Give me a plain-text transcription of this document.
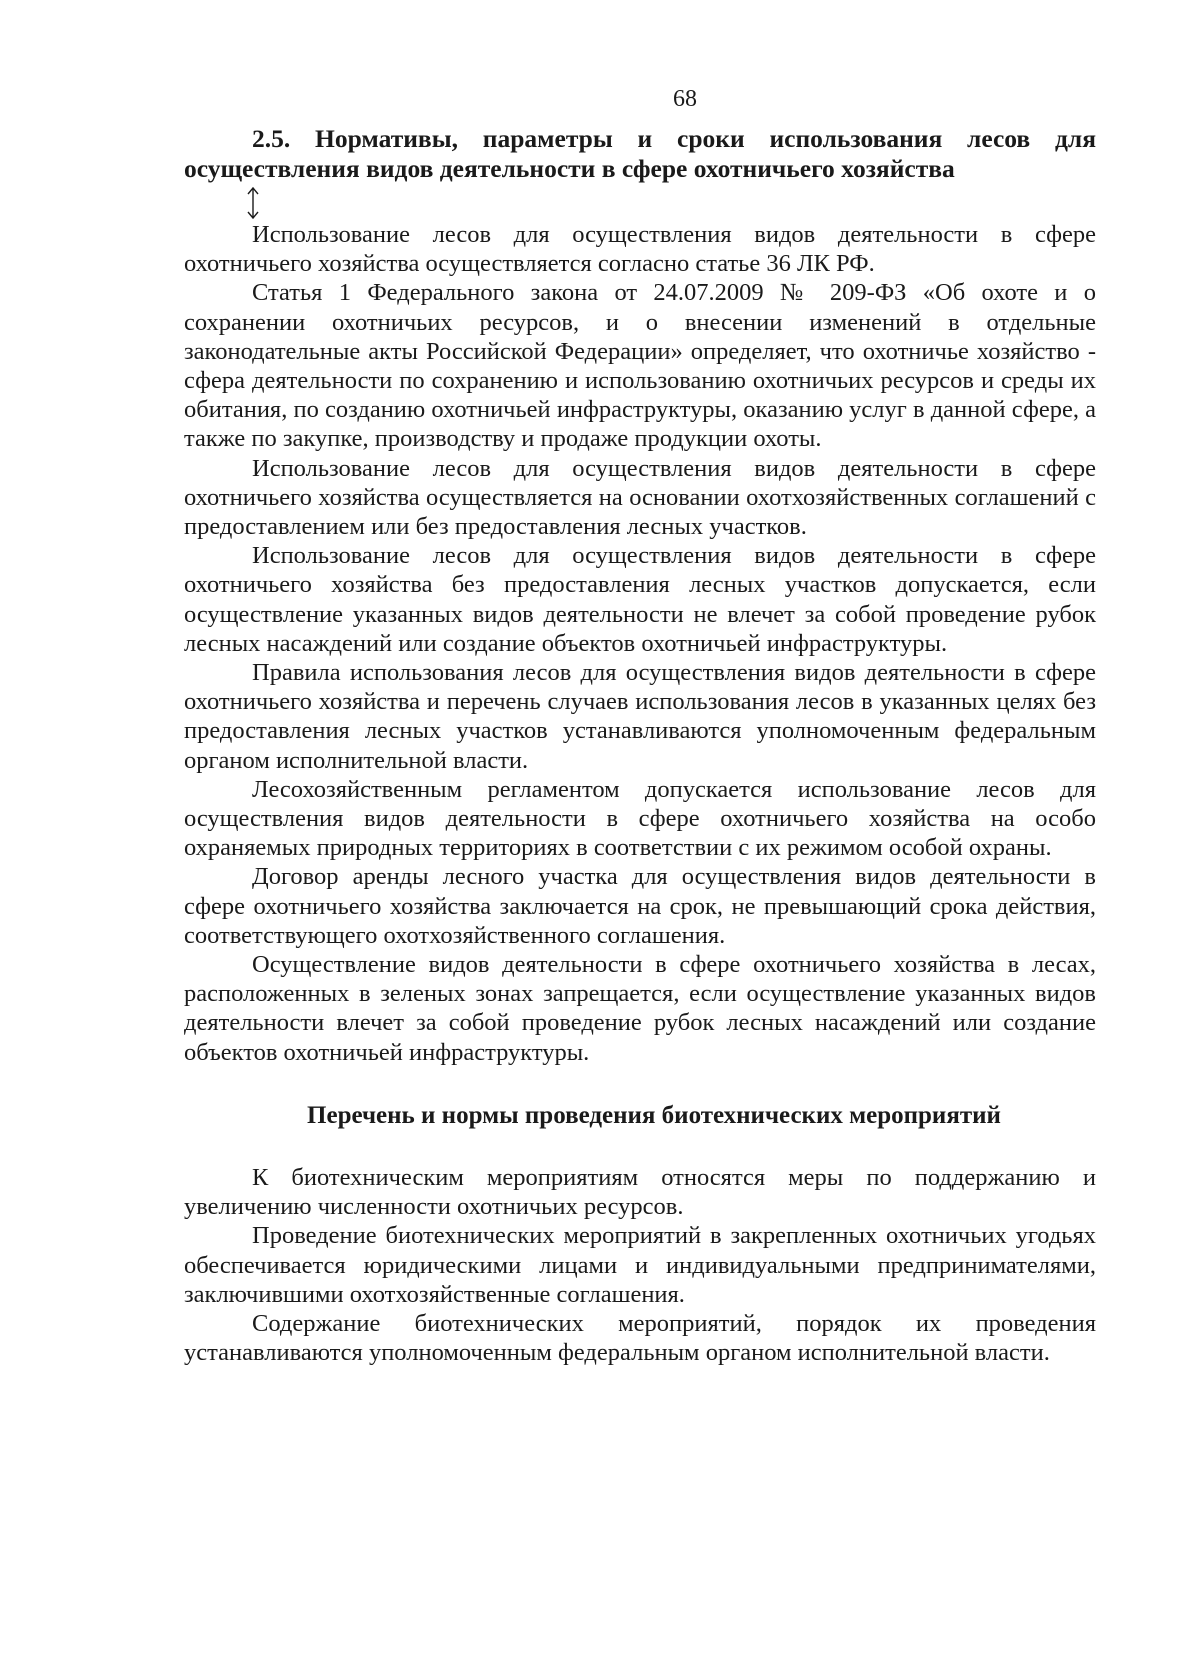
68

2.5. Нормативы, параметры и сроки использования лесов для осуществления видов деятельности в сфере охотничьего хозяйства

Использование лесов для осуществления видов деятельности в сфере охотничьего хозяйства осуществляется согласно статье 36 ЛК РФ.

Статья 1 Федерального закона от 24.07.2009 № 209-ФЗ «Об охоте и о сохранении охотничьих ресурсов, и о внесении изменений в отдельные законодательные акты Российской Федерации» определяет, что охотничье хозяйство - сфера деятельности по сохранению и использованию охотничьих ресурсов и среды их обитания, по созданию охотничьей инфраструктуры, оказанию услуг в данной сфере, а также по закупке, производству и продаже продукции охоты.

Использование лесов для осуществления видов деятельности в сфере охотничьего хозяйства осуществляется на основании охотхозяйственных соглашений с предоставлением или без предоставления лесных участков.

Использование лесов для осуществления видов деятельности в сфере охотничьего хозяйства без предоставления лесных участков допускается, если осуществление указанных видов деятельности не влечет за собой проведение рубок лесных насаждений или создание объектов охотничьей инфраструктуры.

Правила использования лесов для осуществления видов деятельности в сфере охотничьего хозяйства и перечень случаев использования лесов в указанных целях без предоставления лесных участков устанавливаются уполномоченным федеральным органом исполнительной власти.

Лесохозяйственным регламентом допускается использование лесов для осуществления видов деятельности в сфере охотничьего хозяйства на особо охраняемых природных территориях в соответствии с их режимом особой охраны.

Договор аренды лесного участка для осуществления видов деятельности в сфере охотничьего хозяйства заключается на срок, не превышающий срока действия, соответствующего охотхозяйственного соглашения.

Осуществление видов деятельности в сфере охотничьего хозяйства в лесах, расположенных в зеленых зонах запрещается, если осуществление указанных видов деятельности влечет за собой проведение рубок лесных насаждений или создание объектов охотничьей инфраструктуры.

Перечень и нормы проведения биотехнических мероприятий

К биотехническим мероприятиям относятся меры по поддержанию и увеличению численности охотничьих ресурсов.

Проведение биотехнических мероприятий в закрепленных охотничьих угодьях обеспечивается юридическими лицами и индивидуальными предпринимателями, заключившими охотхозяйственные соглашения.

Содержание биотехнических мероприятий, порядок их проведения устанавливаются уполномоченным федеральным органом исполнительной власти.
